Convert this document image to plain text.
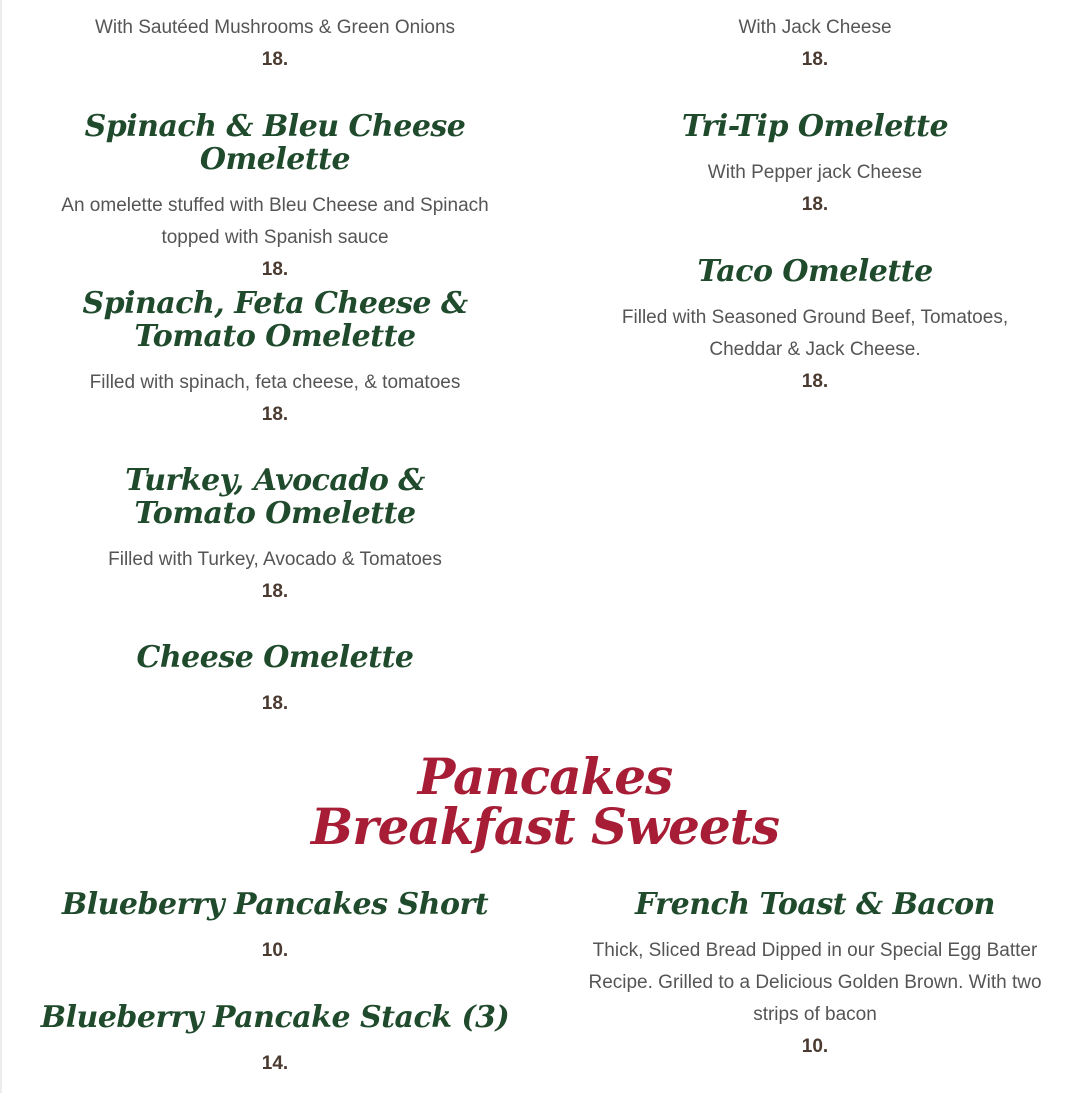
With Sautéed Mushrooms & Green Onions
18.
Spinach & Bleu Cheese Omelette
An omelette stuffed with Bleu Cheese and Spinach topped with Spanish sauce
18.
Spinach, Feta Cheese & Tomato Omelette
Filled with spinach, feta cheese, & tomatoes
18.
Turkey, Avocado & Tomato Omelette
Filled with Turkey, Avocado & Tomatoes
18.
Cheese Omelette
18.
With Jack Cheese
18.
Tri-Tip Omelette
With Pepper jack Cheese
18.
Taco Omelette
Filled with Seasoned Ground Beef, Tomatoes, Cheddar & Jack Cheese.
18.
Pancakes
Breakfast Sweets
Blueberry Pancakes Short
10.
Blueberry Pancake Stack (3)
14.
French Toast & Bacon
Thick, Sliced Bread Dipped in our Special Egg Batter Recipe. Grilled to a Delicious Golden Brown. With two strips of bacon
10.
